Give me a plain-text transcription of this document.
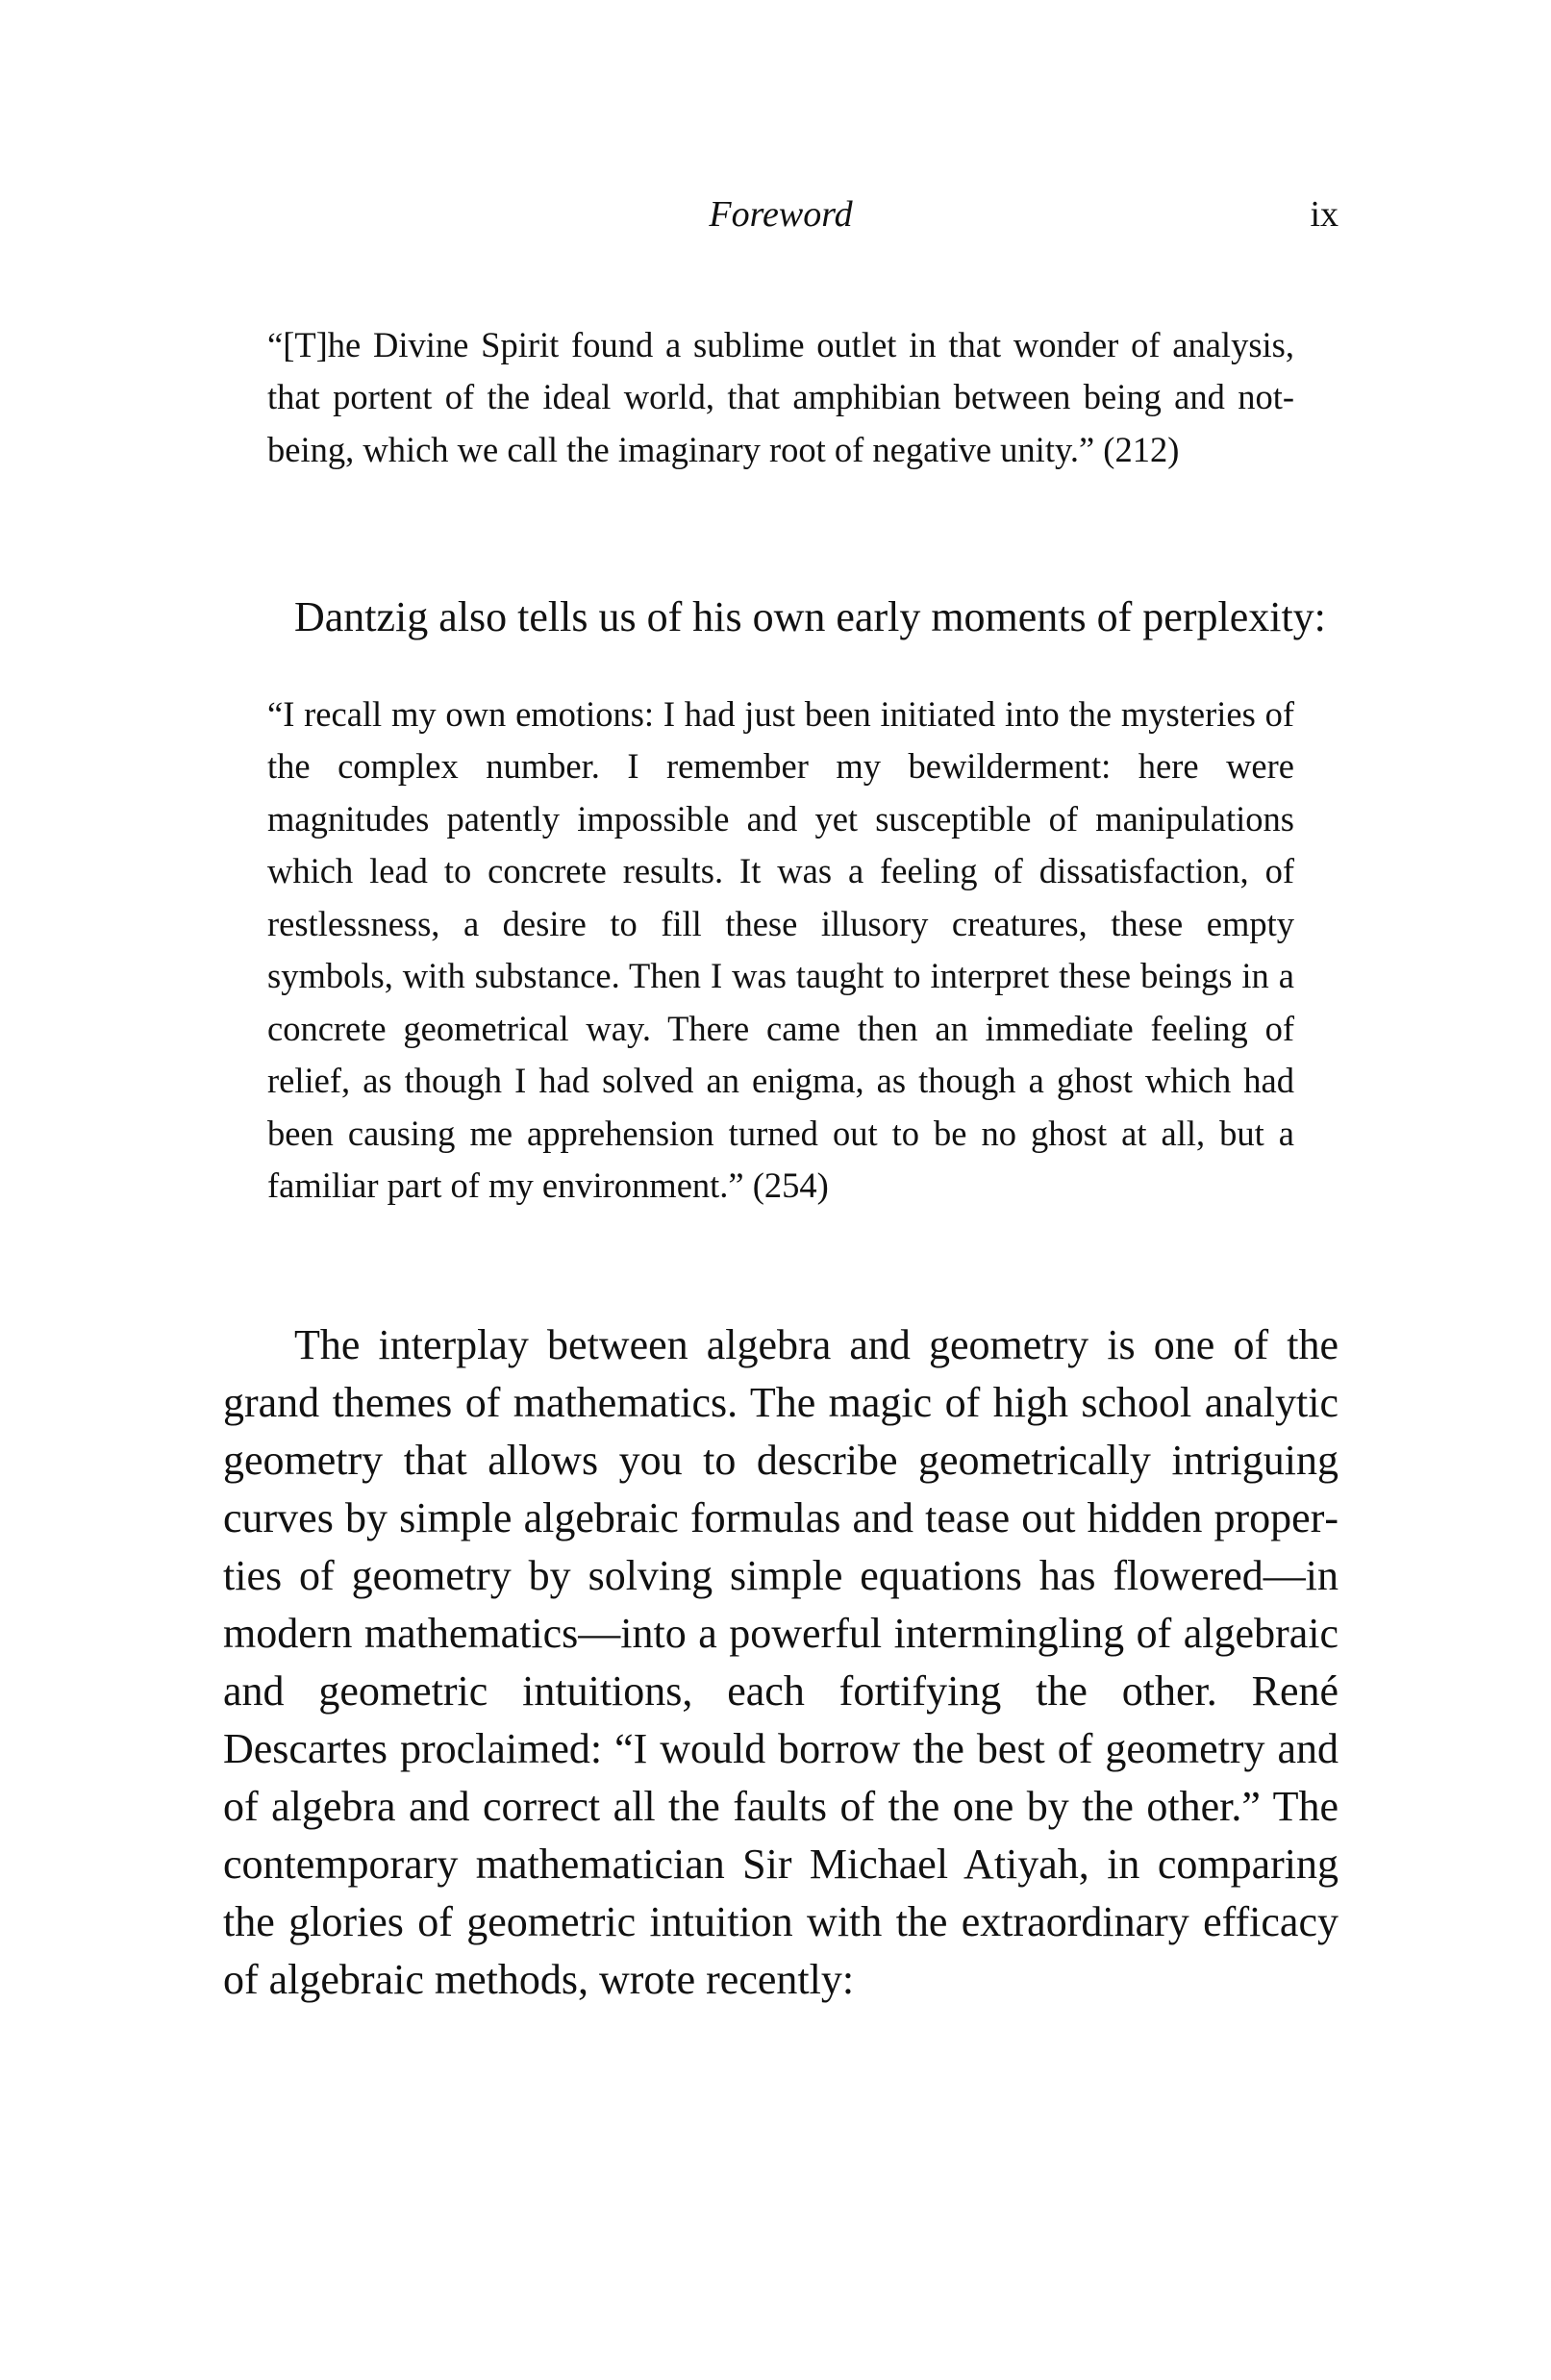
Foreword	ix

“[T]he Divine Spirit found a sublime outlet in that wonder of analysis, that portent of the ideal world, that amphibian between being and not-being, which we call the imaginary root of negative unity.” (212)

Dantzig also tells us of his own early moments of perplexity:

“I recall my own emotions: I had just been initiated into the mysteries of the complex number. I remember my bewilderment: here were magnitudes patently impossible and yet susceptible of manipulations which lead to concrete results. It was a feeling of dissatisfaction, of restlessness, a desire to fill these illusory creatures, these empty symbols, with substance. Then I was taught to interpret these beings in a concrete geometrical way. There came then an immediate feeling of relief, as though I had solved an enigma, as though a ghost which had been causing me apprehension turned out to be no ghost at all, but a familiar part of my environment.” (254)

The interplay between algebra and geometry is one of the grand themes of mathematics. The magic of high school analytic geometry that allows you to describe geometrically intriguing curves by simple algebraic formulas and tease out hidden properties of geometry by solving simple equations has flowered—in modern mathematics—into a powerful intermingling of algebraic and geometric intuitions, each fortifying the other. René Descartes proclaimed: “I would borrow the best of geometry and of algebra and correct all the faults of the one by the other.” The contemporary mathematician Sir Michael Atiyah, in comparing the glories of geometric intuition with the extraordinary efficacy of algebraic methods, wrote recently:
